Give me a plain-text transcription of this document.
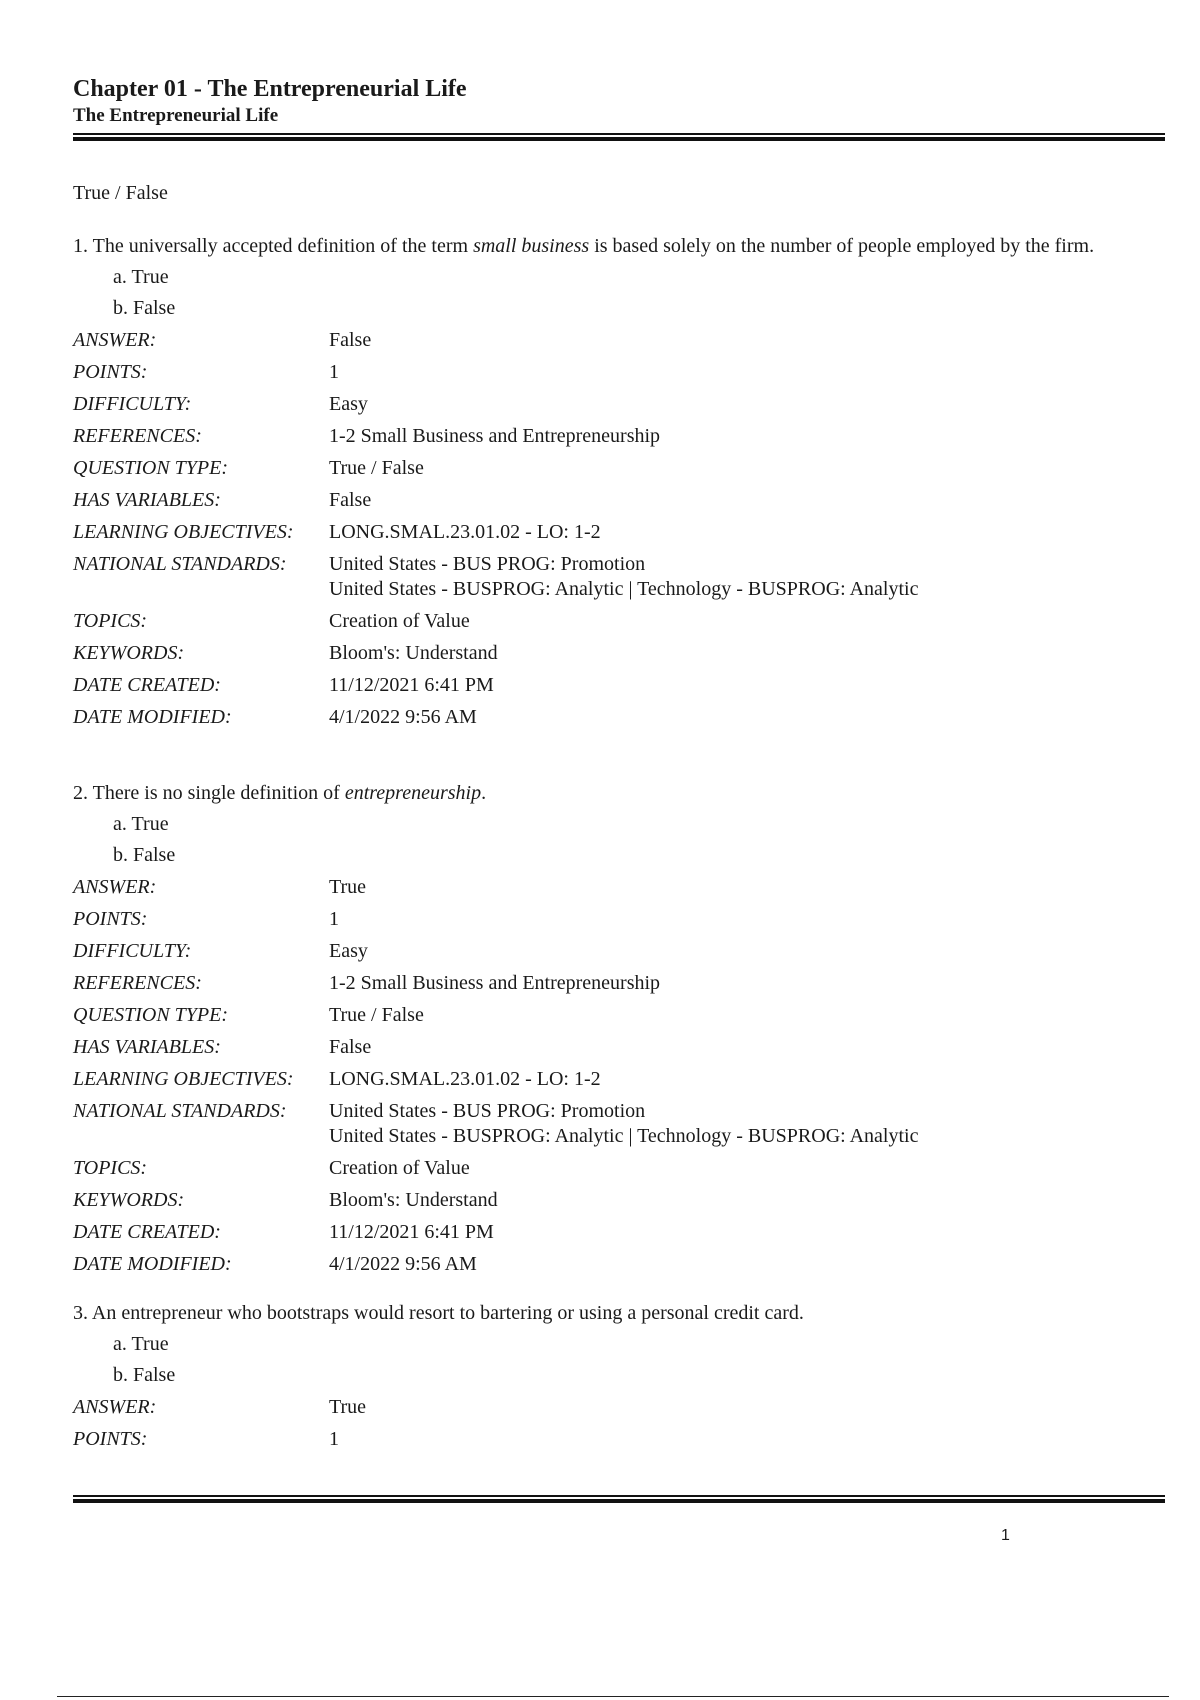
Chapter 01 - The Entrepreneurial Life
The Entrepreneurial Life
True / False

1. The universally accepted definition of the term small business is based solely on the number of people employed by the firm.

a. True
b. False
ANSWER:	False
POINTS:	1
DIFFICULTY:	Easy
REFERENCES:	1-2 Small Business and Entrepreneurship
QUESTION TYPE:	True / False
HAS VARIABLES:	False
LEARNING OBJECTIVES:	LONG.SMAL.23.01.02 - LO: 1-2
NATIONAL STANDARDS:	United States - BUS PROG: Promotion
United States - BUSPROG: Analytic | Technology - BUSPROG: Analytic
TOPICS:	Creation of Value
KEYWORDS:	Bloom's: Understand
DATE CREATED:	11/12/2021 6:41 PM
DATE MODIFIED:	4/1/2022 9:56 AM

2. There is no single definition of entrepreneurship.

a. True
b. False
ANSWER:	True
POINTS:	1
DIFFICULTY:	Easy
REFERENCES:	1-2 Small Business and Entrepreneurship
QUESTION TYPE:	True / False
HAS VARIABLES:	False
LEARNING OBJECTIVES:	LONG.SMAL.23.01.02 - LO: 1-2
NATIONAL STANDARDS:	United States - BUS PROG: Promotion
United States - BUSPROG: Analytic | Technology - BUSPROG: Analytic
TOPICS:	Creation of Value
KEYWORDS:	Bloom's: Understand
DATE CREATED:	11/12/2021 6:41 PM
DATE MODIFIED:	4/1/2022 9:56 AM

3. An entrepreneur who bootstraps would resort to bartering or using a personal credit card.

a. True
b. False
ANSWER:	True
POINTS:	1
1
